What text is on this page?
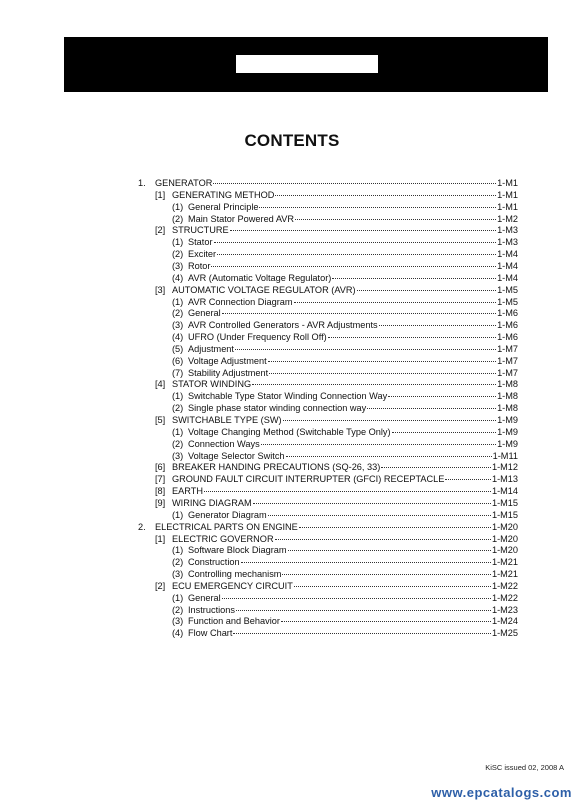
CONTENTS
1.	GENERATOR	1-M1
[1] GENERATING METHOD	1-M1
(1) General Principle	1-M1
(2) Main Stator Powered AVR	1-M2
[2] STRUCTURE	1-M3
(1) Stator	1-M3
(2) Exciter	1-M4
(3) Rotor	1-M4
(4) AVR (Automatic Voltage Regulator)	1-M4
[3] AUTOMATIC VOLTAGE REGULATOR (AVR)	1-M5
(1) AVR Connection Diagram	1-M5
(2) General	1-M6
(3) AVR Controlled Generators - AVR Adjustments	1-M6
(4) UFRO (Under Frequency Roll Off)	1-M6
(5) Adjustment	1-M7
(6) Voltage Adjustment	1-M7
(7) Stability Adjustment	1-M7
[4] STATOR WINDING	1-M8
(1) Switchable Type Stator Winding Connection Way	1-M8
(2) Single phase stator winding connection way	1-M8
[5] SWITCHABLE TYPE (SW)	1-M9
(1) Voltage Changing Method (Switchable Type Only)	1-M9
(2) Connection Ways	1-M9
(3) Voltage Selector Switch	1-M11
[6] BREAKER HANDING PRECAUTIONS (SQ-26, 33)	1-M12
[7] GROUND FAULT CIRCUIT INTERRUPTER (GFCI) RECEPTACLE	1-M13
[8] EARTH	1-M14
[9] WIRING DIAGRAM	1-M15
(1) Generator Diagram	1-M15
2.	ELECTRICAL PARTS ON ENGINE	1-M20
[1] ELECTRIC GOVERNOR	1-M20
(1) Software Block Diagram	1-M20
(2) Construction	1-M21
(3) Controlling mechanism	1-M21
[2] ECU EMERGENCY CIRCUIT	1-M22
(1) General	1-M22
(2) Instructions	1-M23
(3) Function and Behavior	1-M24
(4) Flow Chart	1-M25
KiSC issued 02, 2008 A
www.epcatalogs.com
